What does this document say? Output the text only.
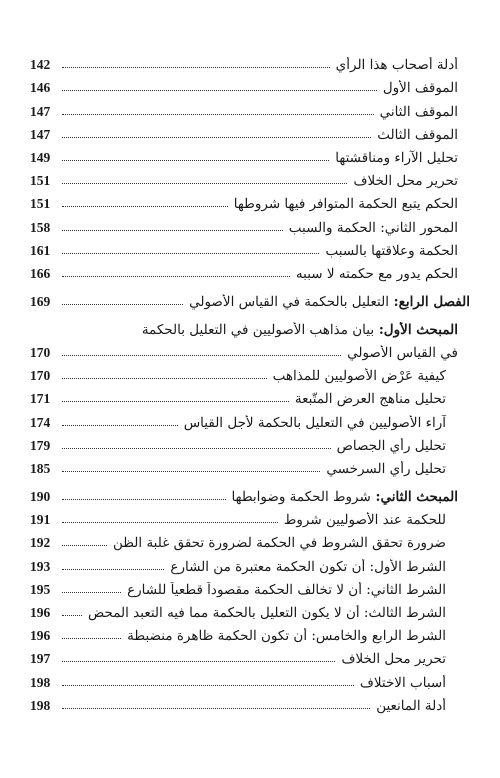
أدلة أصحاب هذا الرأي
142
الموقف الأول
146
الموقف الثاني
147
الموقف الثالث
147
تحليل الآراء ومناقشتها
149
تحرير محل الخلاف
151
الحكم يتبع الحكمة المتوافر فيها شروطها
151
المحور الثاني: الحكمة والسبب
158
الحكمة وعلاقتها بالسبب
161
الحكم يدور مع حكمته لا سببه
166
الفصل الرابع: التعليل بالحكمة في القياس الأصولي
169
المبحث الأول: بيان مذاهب الأصوليين في التعليل بالحكمة
في القياس الأصولي
170
كيفية عَرْض الأصوليين للمذاهب
170
تحليل مناهج العرض المتّبعة
171
آراء الأصوليين في التعليل بالحكمة لأجل القياس
174
تحليل رأي الجصاص
179
تحليل رأي السرخسي
185
المبحث الثاني: شروط الحكمة وضوابطها
190
للحكمة عند الأصوليين شروط
191
ضرورة تحقق الشروط في الحكمة لضرورة تحقق غلبة الظن
192
الشرط الأول: أن تكون الحكمة معتبرة من الشارع
193
الشرط الثاني: أن لا تخالف الحكمة مقصوداً قطعياً للشارع
195
الشرط الثالث: أن لا يكون التعليل بالحكمة مما فيه التعبد المحض
196
الشرط الرابع والخامس: أن تكون الحكمة ظاهرة منضبطة
196
تحرير محل الخلاف
197
أسباب الاختلاف
198
أدلة المانعين
198
